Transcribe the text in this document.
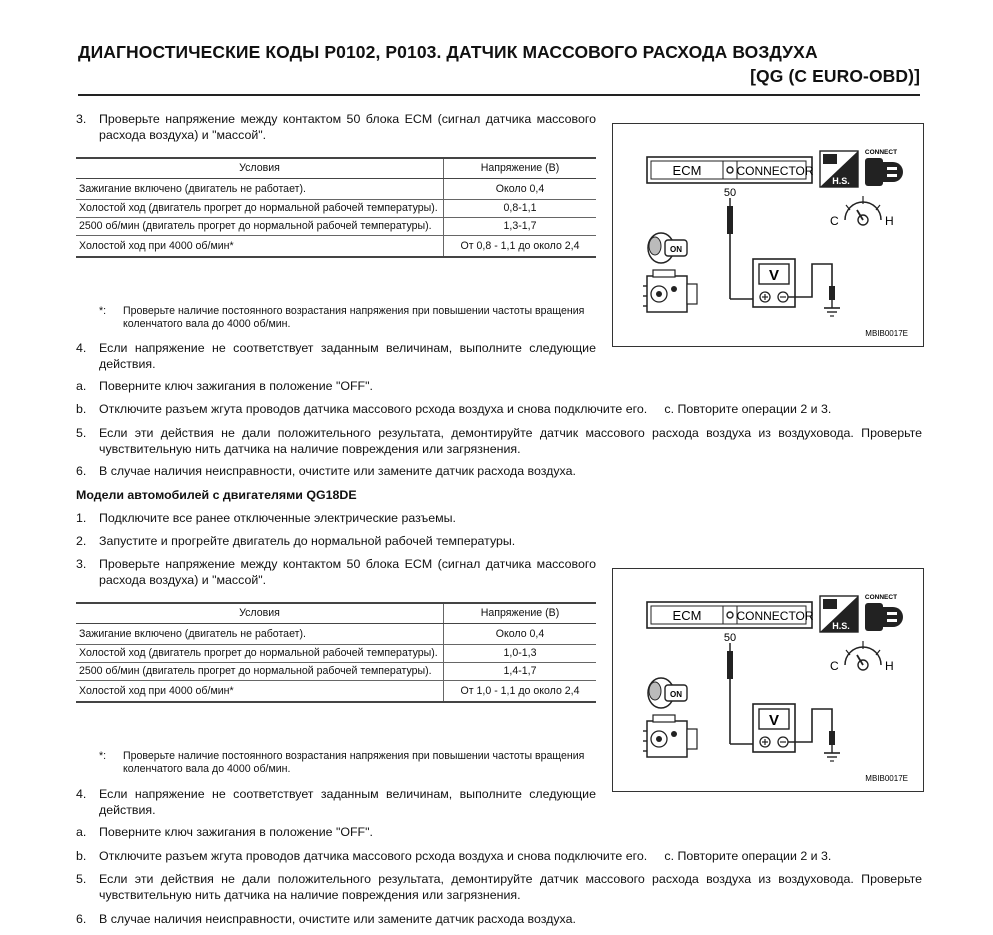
ДИАГНОСТИЧЕСКИЕ КОДЫ P0102, P0103. ДАТЧИК МАССОВОГО РАСХОДА ВОЗДУХА
[QG (C EURO-OBD)]
3.	Проверьте напряжение между контактом 50 блока ECM (сигнал датчика массового расхода воздуха) и "массой".
Условия	Напряжение (В)
Зажигание включено (двигатель не работает).	Около 0,4
Холостой ход (двигатель прогрет до нормальной рабочей температуры).	0,8-1,1
2500 об/мин (двигатель прогрет до нормальной рабочей температуры).	1,3-1,7
Холостой ход при 4000 об/мин*	От 0,8 - 1,1 до около 2,4
*: Проверьте наличие постоянного возрастания напряжения при повышении частоты вращения коленчатого вала до 4000 об/мин.
4.	Если напряжение не соответствует заданным величинам, выполните следующие действия.
a.	Поверните ключ зажигания в положение "OFF".
b.	Отключите разъем жгута проводов датчика массового рсхода воздуха и снова подключите его.     с. Повторите операции 2 и 3.
5.	Если эти действия не дали положительного результата, демонтируйте датчик массового расхода воздуха из воздуховода. Проверьте чувствительную нить датчика на наличие повреждения или загрязнения.
6.	В случае наличия неисправности, очистите или замените датчик расхода воздуха.
Модели автомобилей с двигателями QG18DE
1.	Подключите все ранее отключенные электрические разъемы.
2.	Запустите и прогрейте двигатель до нормальной рабочей температуры.
3.	Проверьте напряжение между контактом 50 блока ECM (сигнал датчика массового расхода воздуха) и "массой".
Условия	Напряжение (В)
Зажигание включено (двигатель не работает).	Около 0,4
Холостой ход (двигатель прогрет до нормальной рабочей температуры).	1,0-1,3
2500 об/мин (двигатель прогрет до нормальной рабочей температуры).	1,4-1,7
Холостой ход при 4000 об/мин*	От 1,0 - 1,1 до около 2,4
*: Проверьте наличие постоянного возрастания напряжения при повышении частоты вращения коленчатого вала до 4000 об/мин.
4.	Если напряжение не соответствует заданным величинам, выполните следующие действия.
a.	Поверните ключ зажигания в положение "OFF".
b.	Отключите разъем жгута проводов датчика массового рсхода воздуха и снова подключите его.     с. Повторите операции 2 и 3.
5.	Если эти действия не дали положительного результата, демонтируйте датчик массового расхода воздуха из воздуховода. Проверьте чувствительную нить датчика на наличие повреждения или загрязнения.
6.	В случае наличия неисправности, очистите или замените датчик расхода воздуха.
ECM	CONNECTOR
H.S.
CONNECT
50
C	H
V
ON
MBIB0017E
ECM	CONNECTOR
H.S.
CONNECT
50
C	H
V
ON
MBIB0017E
